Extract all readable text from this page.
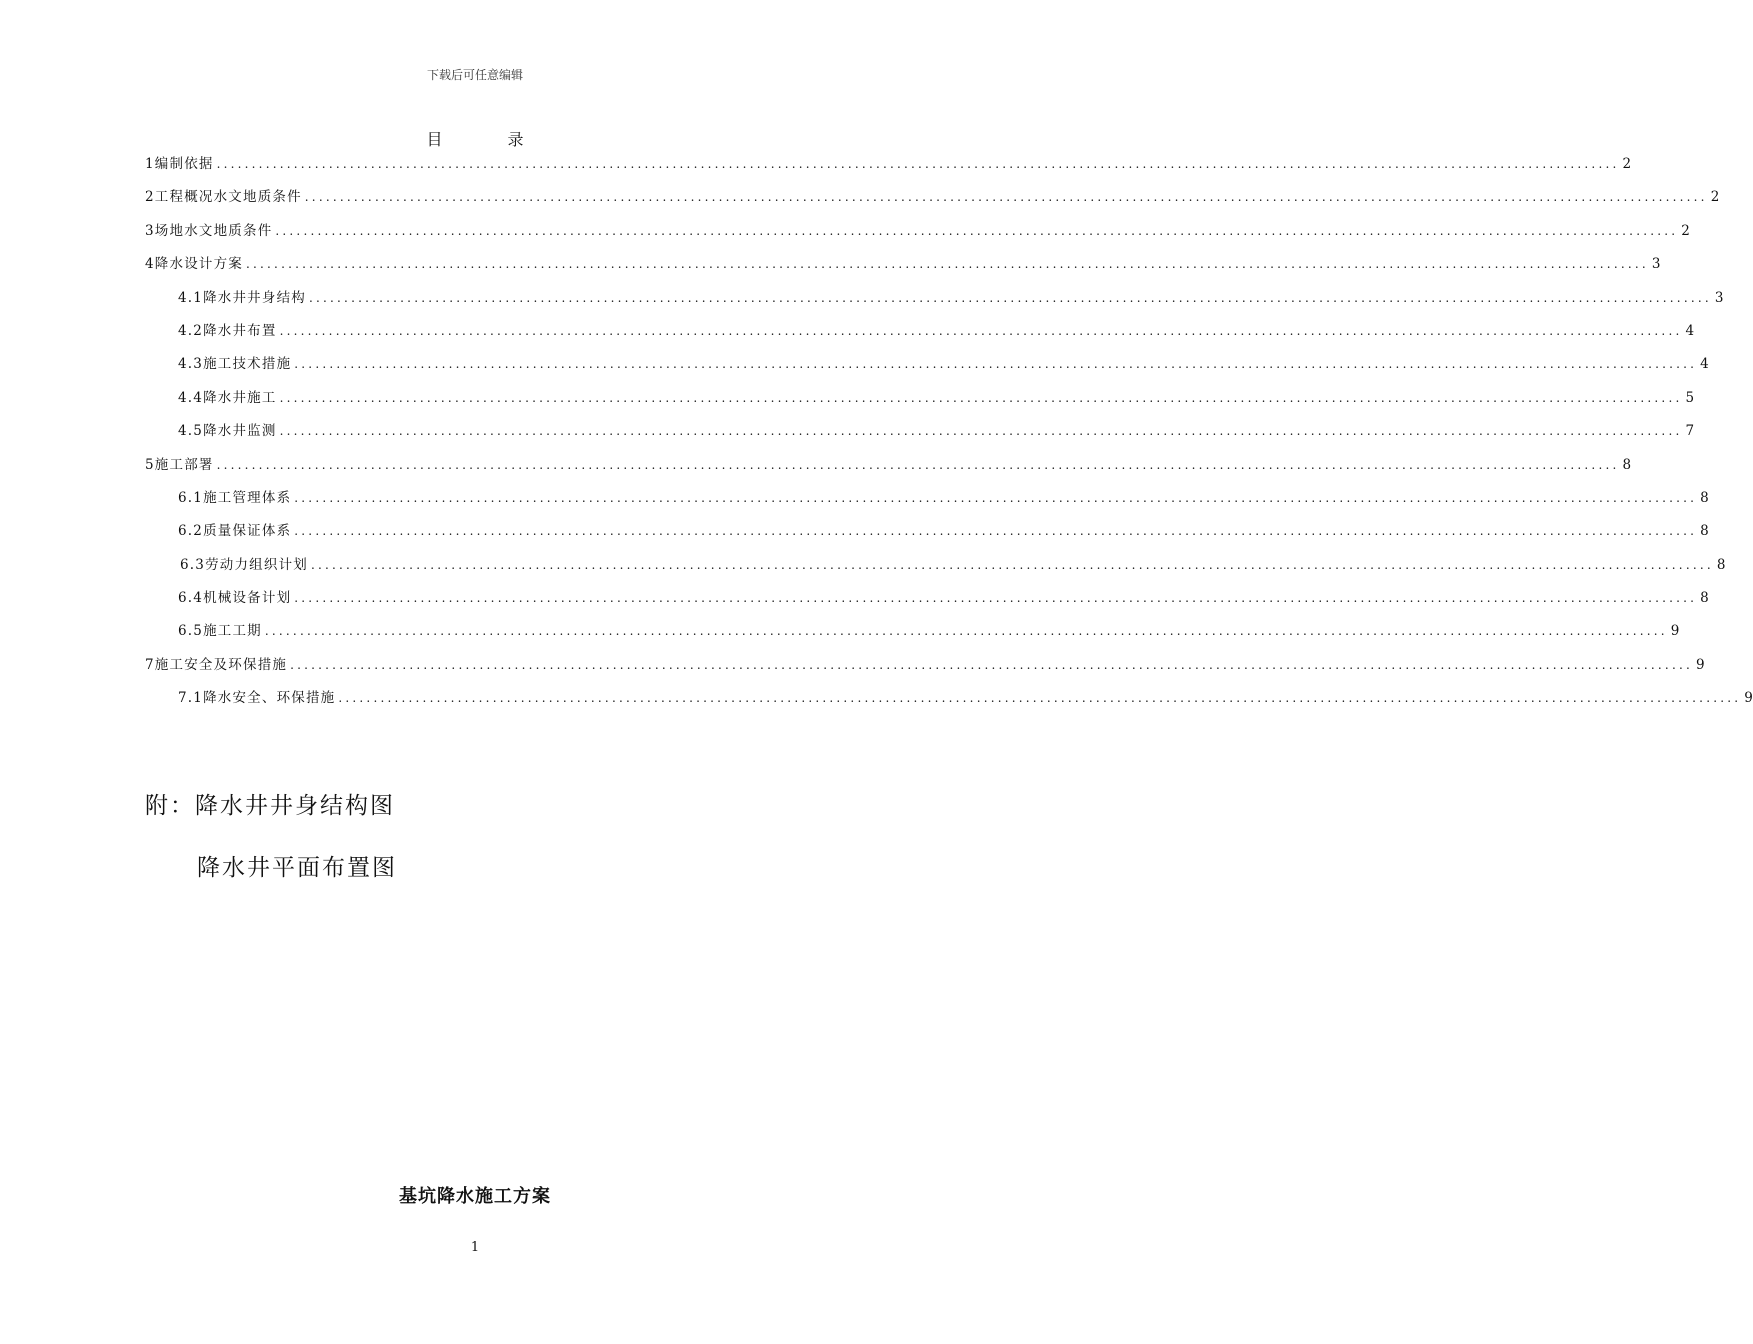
下载后可任意编辑
目 录
1编制依据 ........................................................................................................................................................................................................ 2
2工程概况水文地质条件 ........................................................................................................................................................................................................ 2
3场地水文地质条件 ........................................................................................................................................................................................................ 2
4降水设计方案 ........................................................................................................................................................................................................ 3
4.1降水井井身结构 ........................................................................................................................................................................................................ 3
4.2降水井布置 ........................................................................................................................................................................................................ 4
4.3施工技术措施 ........................................................................................................................................................................................................ 4
4.4降水井施工 ........................................................................................................................................................................................................ 5
4.5降水井监测 ........................................................................................................................................................................................................ 7
5施工部署 ........................................................................................................................................................................................................ 8
6.1施工管理体系 ........................................................................................................................................................................................................ 8
6.2质量保证体系 ........................................................................................................................................................................................................ 8
6.3劳动力组织计划 ........................................................................................................................................................................................................ 8
6.4机械设备计划 ........................................................................................................................................................................................................ 8
6.5施工工期 ........................................................................................................................................................................................................ 9
7施工安全及环保措施 ........................................................................................................................................................................................................ 9
7.1降水安全、环保措施 ........................................................................................................................................................................................................ 9
附：降水井井身结构图
降水井平面布置图
基坑降水施工方案
1
